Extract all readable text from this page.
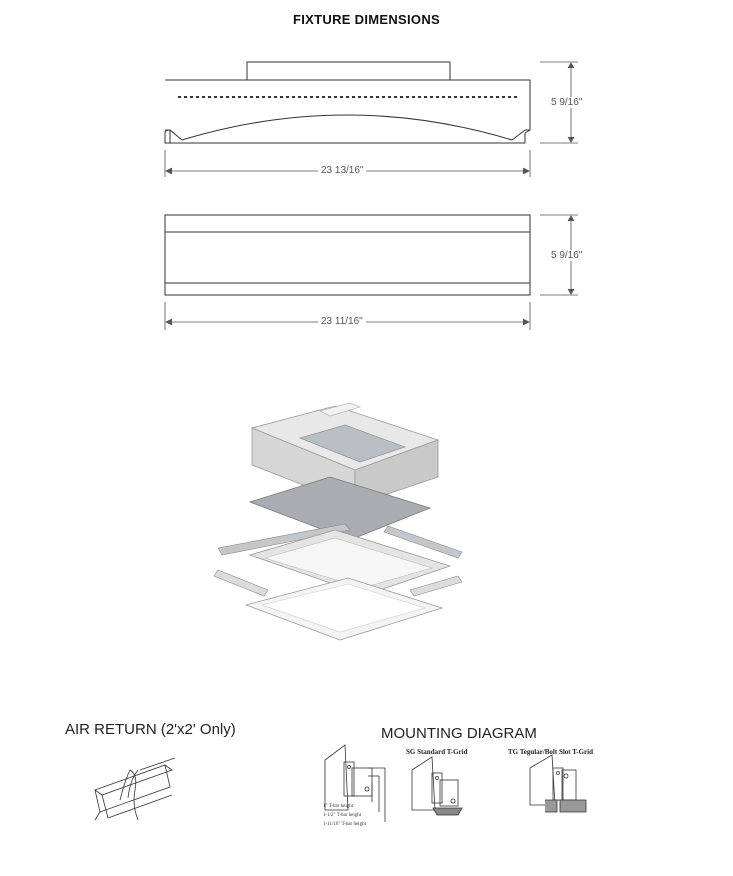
FIXTURE DIMENSIONS
5 9/16"
23 13/16"
5 9/16"
23 11/16"
AIR RETURN (2'x2' Only)	MOUNTING DIAGRAM
SG Standard T-Grid	TG Tegular/Bolt Slot T-Grid
1" T-bar height
1-1/2" T-bar height
1-11/16" T-bar height
